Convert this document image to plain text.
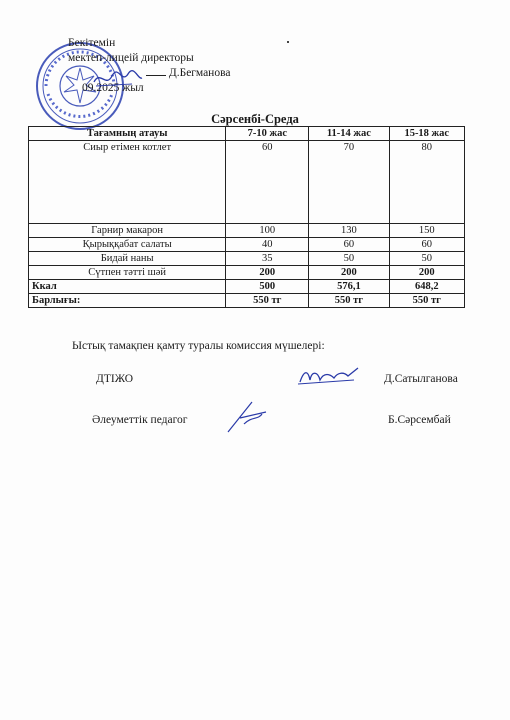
Бекітемін
мектеп-лицеій директоры
Д.Бегманова
09.2025 жыл
Сәрсенбі-Среда
Тағамның атауы	7-10 жас	11-14 жас	15-18 жас
Сиыр етімен котлет	60	70	80
Гарнир макарон	100	130	150
Қырыққабат салаты	40	60	60
Бидай наны	35	50	50
Сүтпен тәтті шәй	200	200	200
Ккал	500	576,1	648,2
Барлығы:	550 тг	550 тг	550 тг
Ыстық тамақпен қамту туралы комиссия мүшелері:
ДТІЖО	Д.Сатылганова
Әлеуметтік педагог	Б.Сәрсембай
